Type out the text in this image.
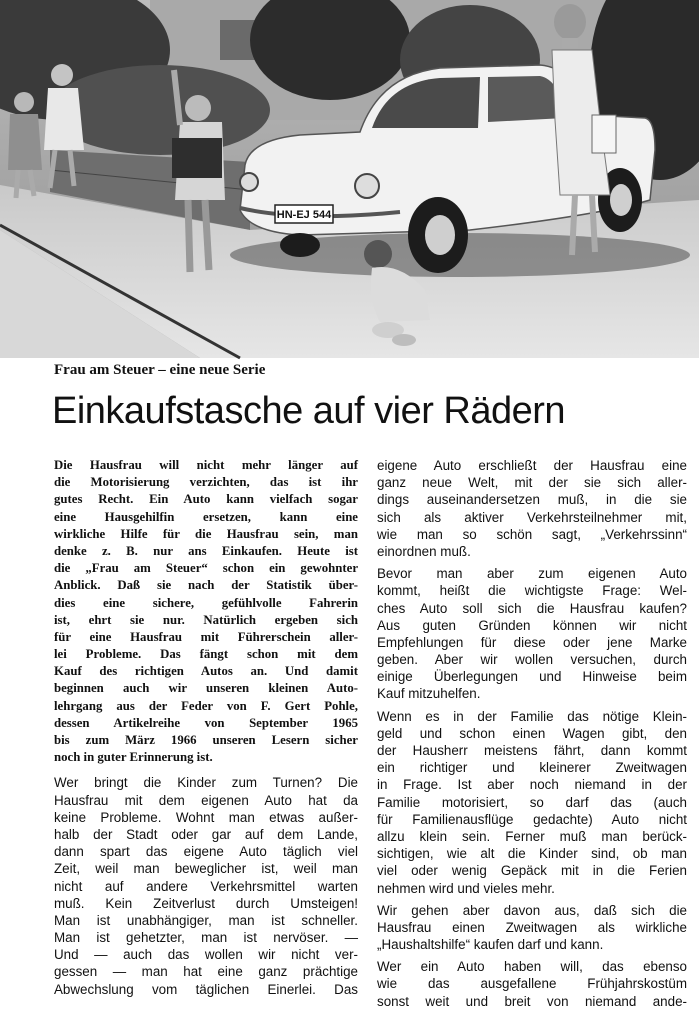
HN-EJ 544
Frau am Steuer – eine neue Serie
Einkaufstasche auf vier Rädern
Die Hausfrau will nicht mehr länger auf
die Motorisierung verzichten, das ist ihr
gutes Recht. Ein Auto kann vielfach sogar
eine Hausgehilfin ersetzen, kann eine
wirkliche Hilfe für die Hausfrau sein, man
denke z. B. nur ans Einkaufen. Heute ist
die „Frau am Steuer“ schon ein gewohnter
Anblick. Daß sie nach der Statistik über-
dies eine sichere, gefühlvolle Fahrerin
ist, ehrt sie nur. Natürlich ergeben sich
für eine Hausfrau mit Führerschein aller-
lei Probleme. Das fängt schon mit dem
Kauf des richtigen Autos an. Und damit
beginnen auch wir unseren kleinen Auto-
lehrgang aus der Feder von F. Gert Pohle,
dessen Artikelreihe von September 1965
bis zum März 1966 unseren Lesern sicher
noch in guter Erinnerung ist.
Wer bringt die Kinder zum Turnen? Die
Hausfrau mit dem eigenen Auto hat da
keine Probleme. Wohnt man etwas außer-
halb der Stadt oder gar auf dem Lande,
dann spart das eigene Auto täglich viel
Zeit, weil man beweglicher ist, weil man
nicht auf andere Verkehrsmittel warten
muß. Kein Zeitverlust durch Umsteigen!
Man ist unabhängiger, man ist schneller.
Man ist gehetzter, man ist nervöser. —
Und — auch das wollen wir nicht ver-
gessen — man hat eine ganz prächtige
Abwechslung vom täglichen Einerlei. Das
eigene Auto erschließt der Hausfrau eine
ganz neue Welt, mit der sie sich aller-
dings auseinandersetzen muß, in die sie
sich als aktiver Verkehrsteilnehmer mit,
wie man so schön sagt, „Verkehrssinn“
einordnen muß.
Bevor man aber zum eigenen Auto
kommt, heißt die wichtigste Frage: Wel-
ches Auto soll sich die Hausfrau kaufen?
Aus guten Gründen können wir nicht
Empfehlungen für diese oder jene Marke
geben. Aber wir wollen versuchen, durch
einige Überlegungen und Hinweise beim
Kauf mitzuhelfen.
Wenn es in der Familie das nötige Klein-
geld und schon einen Wagen gibt, den
der Hausherr meistens fährt, dann kommt
ein richtiger und kleinerer Zweitwagen
in Frage. Ist aber noch niemand in der
Familie motorisiert, so darf das (auch
für Familienausflüge gedachte) Auto nicht
allzu klein sein. Ferner muß man berück-
sichtigen, wie alt die Kinder sind, ob man
viel oder wenig Gepäck mit in die Ferien
nehmen wird und vieles mehr.
Wir gehen aber davon aus, daß sich die
Hausfrau einen Zweitwagen als wirkliche
„Haushaltshilfe“ kaufen darf und kann.
Wer ein Auto haben will, das ebenso
wie das ausgefallene Frühjahrskostüm
sonst weit und breit von niemand ande-
